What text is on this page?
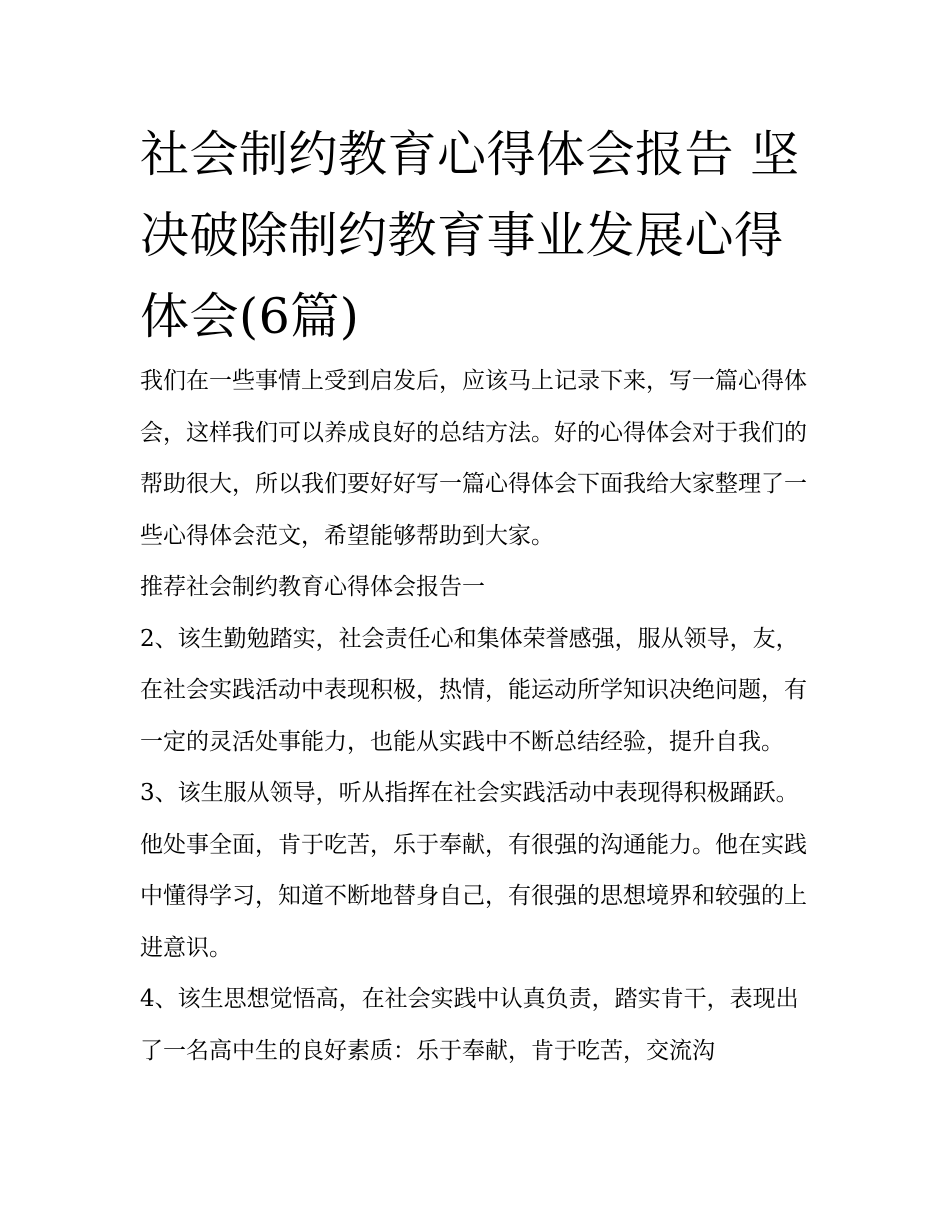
社会制约教育心得体会报告 坚决破除制约教育事业发展心得体会(6篇)

我们在一些事情上受到启发后，应该马上记录下来，写一篇心得体会，这样我们可以养成良好的总结方法。好的心得体会对于我们的帮助很大，所以我们要好好写一篇心得体会下面我给大家整理了一些心得体会范文，希望能够帮助到大家。

推荐社会制约教育心得体会报告一

2、该生勤勉踏实，社会责任心和集体荣誉感强，服从领导，友，在社会实践活动中表现积极，热情，能运动所学知识决绝问题，有一定的灵活处事能力，也能从实践中不断总结经验，提升自我。

3、该生服从领导，听从指挥在社会实践活动中表现得积极踊跃。他处事全面，肯于吃苦，乐于奉献，有很强的沟通能力。他在实践中懂得学习，知道不断地替身自己，有很强的思想境界和较强的上进意识。

4、该生思想觉悟高，在社会实践中认真负责，踏实肯干，表现出了一名高中生的良好素质：乐于奉献，肯于吃苦，交流沟
